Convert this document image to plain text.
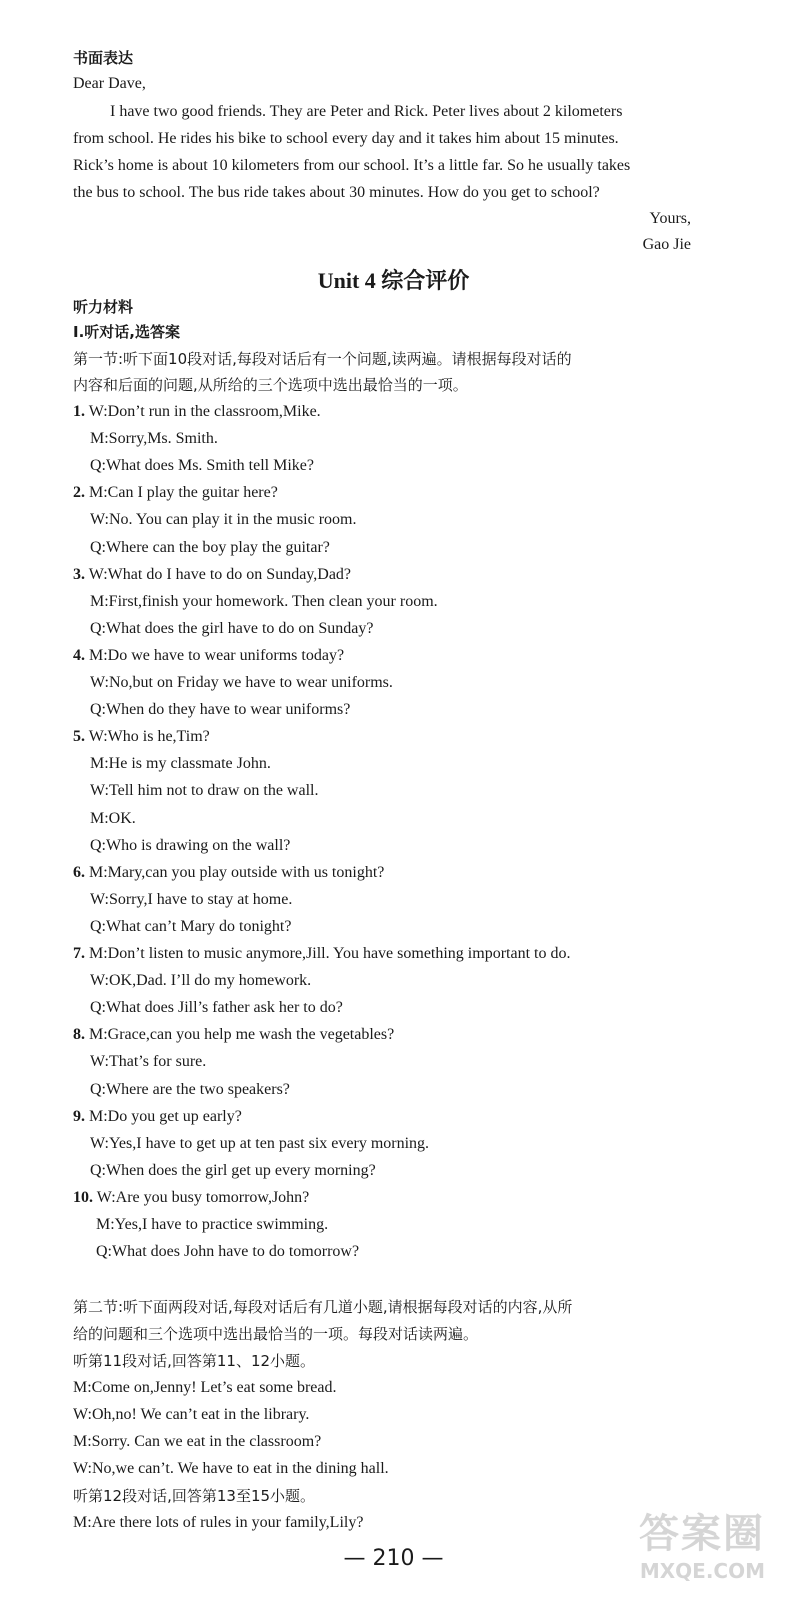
书面表达
Dear Dave,
I have two good friends. They are Peter and Rick. Peter lives about 2 kilometers
from school. He rides his bike to school every day and it takes him about 15 minutes.
Rick’s home is about 10 kilometers from our school. It’s a little far. So he usually takes
the bus to school. The bus ride takes about 30 minutes. How do you get to school?
Yours,
Gao Jie
Unit 4 综合评价
听力材料
Ⅰ.听对话,选答案
第一节:听下面10段对话,每段对话后有一个问题,读两遍。请根据每段对话的
内容和后面的问题,从所给的三个选项中选出最恰当的一项。
1. W:Don’t run in the classroom,Mike.
M:Sorry,Ms. Smith.
Q:What does Ms. Smith tell Mike?
2. M:Can I play the guitar here?
W:No. You can play it in the music room.
Q:Where can the boy play the guitar?
3. W:What do I have to do on Sunday,Dad?
M:First,finish your homework. Then clean your room.
Q:What does the girl have to do on Sunday?
4. M:Do we have to wear uniforms today?
W:No,but on Friday we have to wear uniforms.
Q:When do they have to wear uniforms?
5. W:Who is he,Tim?
M:He is my classmate John.
W:Tell him not to draw on the wall.
M:OK.
Q:Who is drawing on the wall?
6. M:Mary,can you play outside with us tonight?
W:Sorry,I have to stay at home.
Q:What can’t Mary do tonight?
7. M:Don’t listen to music anymore,Jill. You have something important to do.
W:OK,Dad. I’ll do my homework.
Q:What does Jill’s father ask her to do?
8. M:Grace,can you help me wash the vegetables?
W:That’s for sure.
Q:Where are the two speakers?
9. M:Do you get up early?
W:Yes,I have to get up at ten past six every morning.
Q:When does the girl get up every morning?
10. W:Are you busy tomorrow,John?
M:Yes,I have to practice swimming.
Q:What does John have to do tomorrow?
第二节:听下面两段对话,每段对话后有几道小题,请根据每段对话的内容,从所
给的问题和三个选项中选出最恰当的一项。每段对话读两遍。
听第11段对话,回答第11、12小题。
M:Come on,Jenny! Let’s eat some bread.
W:Oh,no! We can’t eat in the library.
M:Sorry. Can we eat in the classroom?
W:No,we can’t. We have to eat in the dining hall.
听第12段对话,回答第13至15小题。
M:Are there lots of rules in your family,Lily?
— 210 —
答案圈
MXQE.COM
